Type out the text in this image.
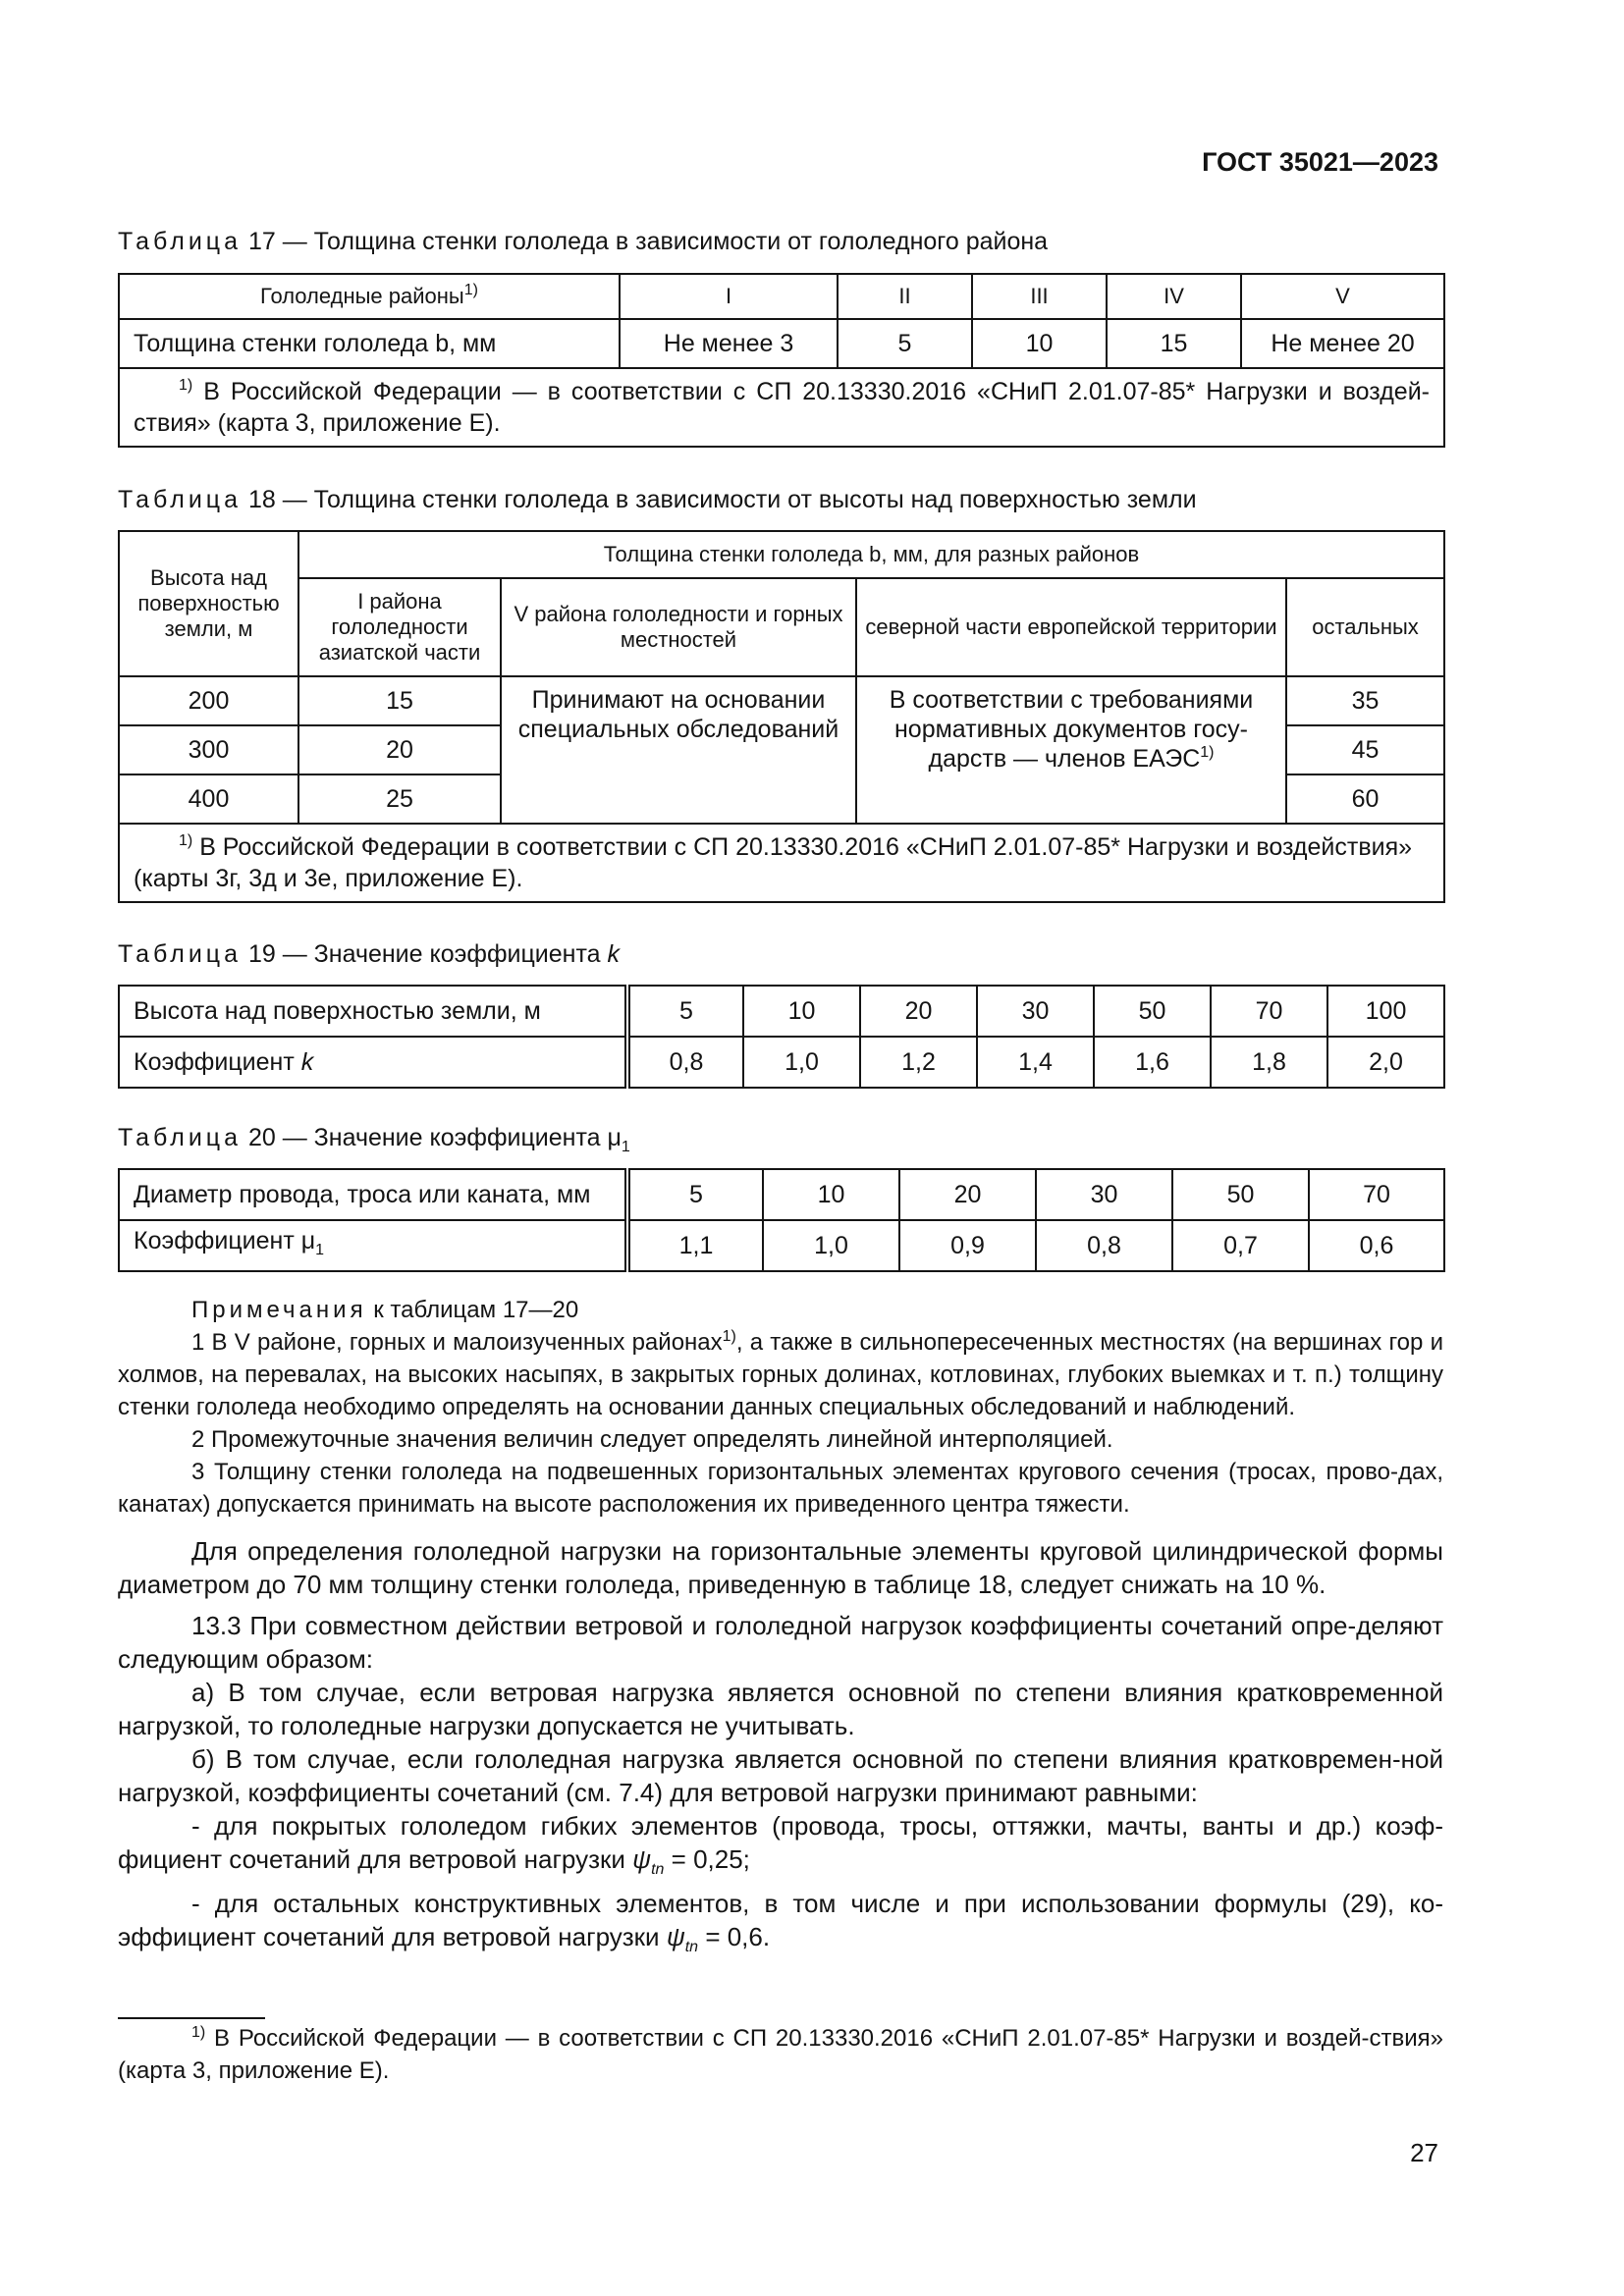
ГОСТ 35021—2023
Таблица 17 — Толщина стенки гололеда в зависимости от гололедного района
Гололедные районы$^{1)}$	I	II	III	IV	V
Толщина стенки гололеда b, мм	Не менее 3	5	10	15	Не менее 20
$^{1)}$ В Российской Федерации — в соответствии с СП 20.13330.2016 «СНиП 2.01.07-85* Нагрузки и воздей-ствия» (карта 3, приложение Е).					
Таблица 18 — Толщина стенки гололеда в зависимости от высоты над поверхностью земли
Высота над поверхностью земли, м	Толщина стенки гололеда b, мм, для разных районов			
	I района гололедности азиатской части	V района гололедности и горных местностей	северной части европейской территории	остальных
200	15	Принимают на основании специальных обследований	В соответствии с требованиями нормативных документов госу-дарств — членов ЕАЭС$^{1)}$	35
300	20			45
400	25			60
$^{1)}$ В Российской Федерации в соответствии с СП 20.13330.2016 «СНиП 2.01.07-85* Нагрузки и воздействия» (карты 3г, 3д и 3е, приложение Е).				
Таблица 19 — Значение коэффициента k
Высота над поверхностью земли, м	5	10	20	30	50	70	100
Коэффициент k	0,8	1,0	1,2	1,4	1,6	1,8	2,0
Таблица 20 — Значение коэффициента $\mu_1$
Диаметр провода, троса или каната, мм	5	10	20	30	50	70
Коэффициент $\mu_1$	1,1	1,0	0,9	0,8	0,7	0,6

Примечания к таблицам 17—20

1 В V районе, горных и малоизученных районах$^{1)}$, а также в сильнопересеченных местностях (на вершинах гор и холмов, на перевалах, на высоких насыпях, в закрытых горных долинах, котловинах, глубоких выемках и т. п.) толщину стенки гололеда необходимо определять на основании данных специальных обследований и наблюдений.

2 Промежуточные значения величин следует определять линейной интерполяцией.

3 Толщину стенки гололеда на подвешенных горизонтальных элементах кругового сечения (тросах, прово-дах, канатах) допускается принимать на высоте расположения их приведенного центра тяжести.

Для определения гололедной нагрузки на горизонтальные элементы круговой цилиндрической формы диаметром до 70 мм толщину стенки гололеда, приведенную в таблице 18, следует снижать на 10 %.

13.3 При совместном действии ветровой и гололедной нагрузок коэффициенты сочетаний опре-деляют следующим образом:

а) В том случае, если ветровая нагрузка является основной по степени влияния кратковременной нагрузкой, то гололедные нагрузки допускается не учитывать.

б) В том случае, если гололедная нагрузка является основной по степени влияния кратковремен-ной нагрузкой, коэффициенты сочетаний (см. 7.4) для ветровой нагрузки принимают равными:

- для покрытых гололедом гибких элементов (провода, тросы, оттяжки, мачты, ванты и др.) коэф-фициент сочетаний для ветровой нагрузки $\psi_{tn} = 0,25$;

- для остальных конструктивных элементов, в том числе и при использовании формулы (29), ко-эффициент сочетаний для ветровой нагрузки $\psi_{tn} = 0,6$.

$^{1)}$ В Российской Федерации — в соответствии с СП 20.13330.2016 «СНиП 2.01.07-85* Нагрузки и воздей-ствия» (карта 3, приложение Е).

27
